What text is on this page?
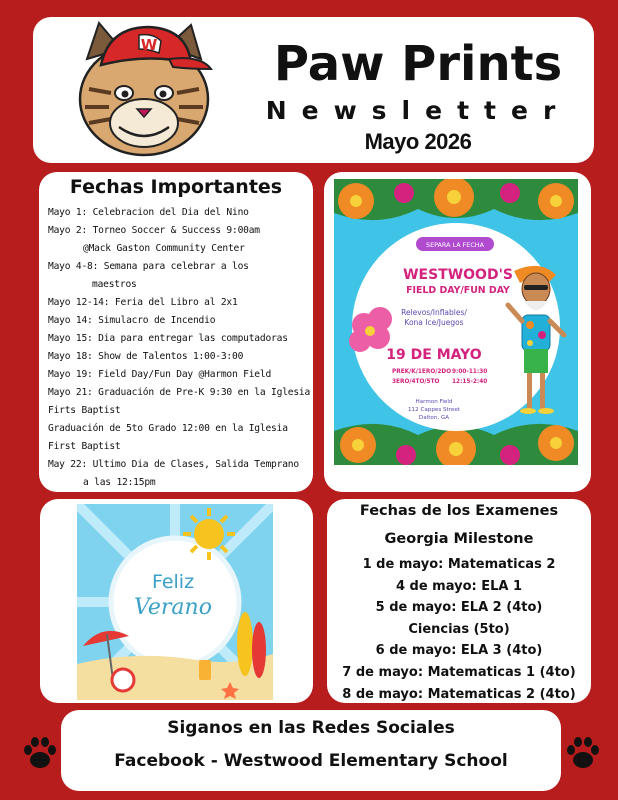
W	Paw Prints
Newsletter
Mayo 2026
Fechas Importantes
Mayo 1: Celebracion del Dia del Nino
Mayo 2: Torneo Soccer & Success 9:00am
@Mack Gaston Community Center
Mayo 4-8: Semana para celebrar a los
maestros
Mayo 12-14: Feria del Libro al 2x1
Mayo 14: Simulacro de Incendio
Mayo 15: Dia para entregar las computadoras
Mayo 18: Show de Talentos 1:00-3:00
Mayo 19: Field Day/Fun Day @Harmon Field
Mayo 21: Graduación de Pre-K 9:30 en la Iglesia
Firts Baptist
Graduación de 5to Grado 12:00 en la Iglesia
First Baptist
May 22: Ultimo Dia de Clases, Salida Temprano
a las 12:15pm
SEPARA LA FECHA
WESTWOOD'S
FIELD DAY/FUN DAY
Relevos/Inflables/
Kona Ice/Juegos
19 DE MAYO
PREK/K/1ERO/2DO 9:00-11:30
3ERO/4TO/5TO 12:15-2:40
Harmon Field
112 Cappes Street
Dalton, GA
Feliz
Verano
Fechas de los Examenes
Georgia Milestone
1 de mayo: Matematicas 2
4 de mayo: ELA 1
5 de mayo: ELA 2 (4to)
Ciencias (5to)
6 de mayo: ELA 3 (4to)
7 de mayo: Matematicas 1 (4to)
8 de mayo: Matematicas 2 (4to)
Siganos en las Redes Sociales
Facebook - Westwood Elementary School
